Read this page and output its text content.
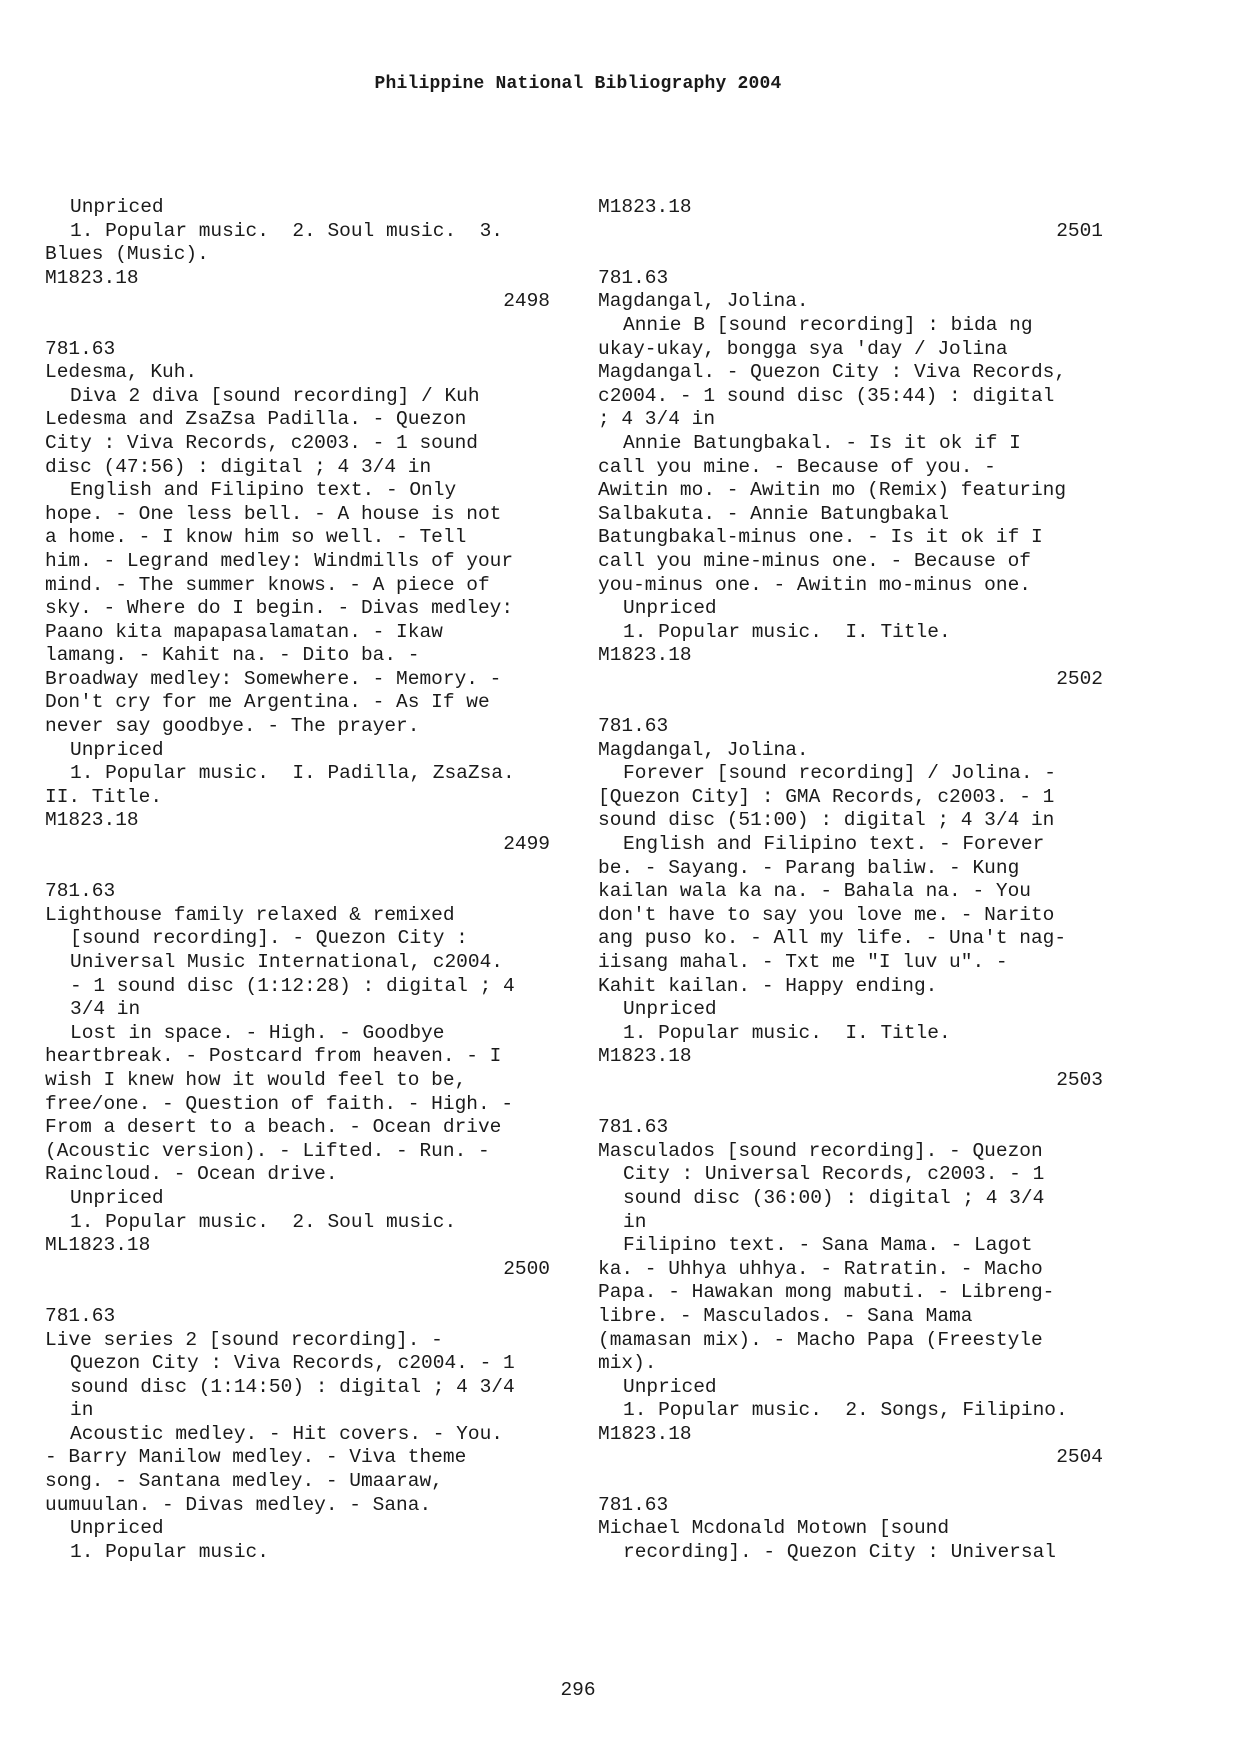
Philippine National Bibliography 2004
Unpriced
1. Popular music.  2. Soul music.  3.
Blues (Music).
M1823.18
2498
781.63
Ledesma, Kuh.
Diva 2 diva [sound recording] / Kuh
Ledesma and ZsaZsa Padilla. - Quezon
City : Viva Records, c2003. - 1 sound
disc (47:56) : digital ; 4 3/4 in
English and Filipino text. - Only
hope. - One less bell. - A house is not
a home. - I know him so well. - Tell
him. - Legrand medley: Windmills of your
mind. - The summer knows. - A piece of
sky. - Where do I begin. - Divas medley:
Paano kita mapapasalamatan. - Ikaw
lamang. - Kahit na. - Dito ba. -
Broadway medley: Somewhere. - Memory. -
Don't cry for me Argentina. - As If we
never say goodbye. - The prayer.
Unpriced
1. Popular music.  I. Padilla, ZsaZsa.
II. Title.
M1823.18
2499
781.63
Lighthouse family relaxed & remixed
[sound recording]. - Quezon City :
Universal Music International, c2004.
- 1 sound disc (1:12:28) : digital ; 4
3/4 in
Lost in space. - High. - Goodbye
heartbreak. - Postcard from heaven. - I
wish I knew how it would feel to be,
free/one. - Question of faith. - High. -
From a desert to a beach. - Ocean drive
(Acoustic version). - Lifted. - Run. -
Raincloud. - Ocean drive.
Unpriced
1. Popular music.  2. Soul music.
ML1823.18
2500
781.63
Live series 2 [sound recording]. -
Quezon City : Viva Records, c2004. - 1
sound disc (1:14:50) : digital ; 4 3/4
in
Acoustic medley. - Hit covers. - You.
- Barry Manilow medley. - Viva theme
song. - Santana medley. - Umaaraw,
uumuulan. - Divas medley. - Sana.
Unpriced
1. Popular music.
M1823.18
2501
781.63
Magdangal, Jolina.
Annie B [sound recording] : bida ng
ukay-ukay, bongga sya 'day / Jolina
Magdangal. - Quezon City : Viva Records,
c2004. - 1 sound disc (35:44) : digital
; 4 3/4 in
Annie Batungbakal. - Is it ok if I
call you mine. - Because of you. -
Awitin mo. - Awitin mo (Remix) featuring
Salbakuta. - Annie Batungbakal
Batungbakal-minus one. - Is it ok if I
call you mine-minus one. - Because of
you-minus one. - Awitin mo-minus one.
Unpriced
1. Popular music.  I. Title.
M1823.18
2502
781.63
Magdangal, Jolina.
Forever [sound recording] / Jolina. -
[Quezon City] : GMA Records, c2003. - 1
sound disc (51:00) : digital ; 4 3/4 in
English and Filipino text. - Forever
be. - Sayang. - Parang baliw. - Kung
kailan wala ka na. - Bahala na. - You
don't have to say you love me. - Narito
ang puso ko. - All my life. - Una't nag-
iisang mahal. - Txt me "I luv u". -
Kahit kailan. - Happy ending.
Unpriced
1. Popular music.  I. Title.
M1823.18
2503
781.63
Masculados [sound recording]. - Quezon
City : Universal Records, c2003. - 1
sound disc (36:00) : digital ; 4 3/4
in
Filipino text. - Sana Mama. - Lagot
ka. - Uhhya uhhya. - Ratratin. - Macho
Papa. - Hawakan mong mabuti. - Libreng-
libre. - Masculados. - Sana Mama
(mamasan mix). - Macho Papa (Freestyle
mix).
Unpriced
1. Popular music.  2. Songs, Filipino.
M1823.18
2504
781.63
Michael Mcdonald Motown [sound
recording]. - Quezon City : Universal
296
